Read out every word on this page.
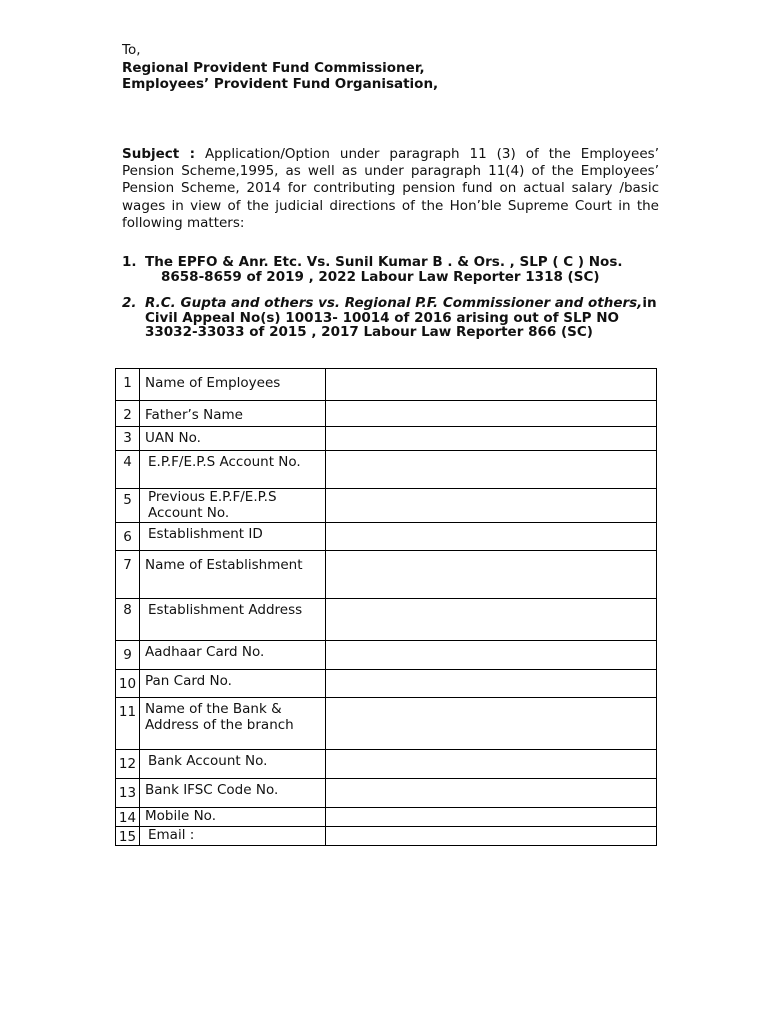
To,
Regional Provident Fund Commissioner,
Employees’ Provident Fund Organisation,
Subject : Application/Option under paragraph 11 (3) of the Employees’ Pension Scheme,1995, as well as under paragraph 11(4) of the Employees’ Pension Scheme, 2014 for contributing pension fund on actual salary /basic wages in view of the judicial directions of the Hon’ble Supreme Court in the following matters:
1. The EPFO & Anr. Etc. Vs. Sunil Kumar B . & Ors. , SLP ( C ) Nos.
8658-8659 of 2019 , 2022 Labour Law Reporter 1318 (SC)
2. R.C. Gupta and others vs. Regional P.F. Commissioner and others,in Civil Appeal No(s) 10013- 10014 of 2016 arising out of SLP NO 33032-33033 of 2015 , 2017 Labour Law Reporter 866 (SC)
1	Name of Employees	
2	Father’s Name	
3	UAN No.	
4	E.P.F/E.P.S Account No.	

5	Previous E.P.F/E.P.S Account No.	

6	Establishment ID	

7	Name of Establishment	
8	Establishment Address	

9	Aadhaar Card No.	
10	Pan Card No.	
11	Name of the Bank & Address of the branch	
12	Bank Account No.	

13	Bank IFSC Code No.	
14	Mobile No.	
15	Email :	
